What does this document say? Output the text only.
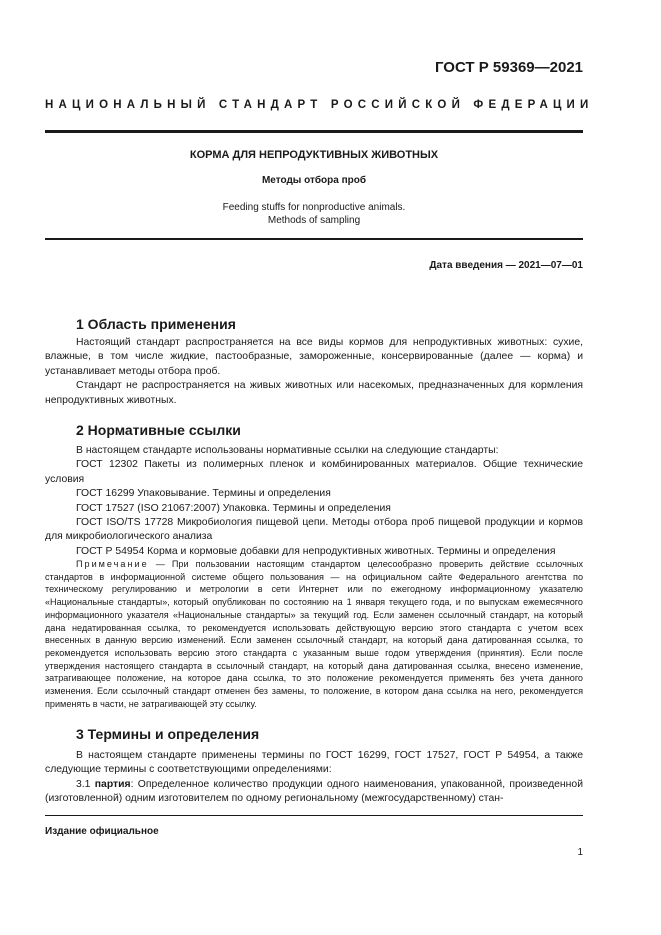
ГОСТ Р 59369—2021
НАЦИОНАЛЬНЫЙ СТАНДАРТ РОССИЙСКОЙ ФЕДЕРАЦИИ
КОРМА ДЛЯ НЕПРОДУКТИВНЫХ ЖИВОТНЫХ
Методы отбора проб
Feeding stuffs for nonproductive animals.
Methods of sampling
Дата введения — 2021—07—01
1 Область применения

Настоящий стандарт распространяется на все виды кормов для непродуктивных животных: сухие, влажные, в том числе жидкие, пастообразные, замороженные, консервированные (далее — корма) и устанавливает методы отбора проб.

Стандарт не распространяется на живых животных или насекомых, предназначенных для кормления непродуктивных животных.

2 Нормативные ссылки

В настоящем стандарте использованы нормативные ссылки на следующие стандарты:

ГОСТ 12302 Пакеты из полимерных пленок и комбинированных материалов. Общие технические условия

ГОСТ 16299 Упаковывание. Термины и определения

ГОСТ 17527 (ISO 21067:2007) Упаковка. Термины и определения

ГОСТ ISO/TS 17728 Микробиология пищевой цепи. Методы отбора проб пищевой продукции и кормов для микробиологического анализа

ГОСТ Р 54954 Корма и кормовые добавки для непродуктивных животных. Термины и определения

Примечание — При пользовании настоящим стандартом целесообразно проверить действие ссылочных стандартов в информационной системе общего пользования — на официальном сайте Федерального агентства по техническому регулированию и метрологии в сети Интернет или по ежегодному информационному указателю «Национальные стандарты», который опубликован по состоянию на 1 января текущего года, и по выпускам ежемесячного информационного указателя «Национальные стандарты» за текущий год. Если заменен ссылочный стандарт, на который дана недатированная ссылка, то рекомендуется использовать действующую версию этого стандарта с учетом всех внесенных в данную версию изменений. Если заменен ссылочный стандарт, на который дана датированная ссылка, то рекомендуется использовать версию этого стандарта с указанным выше годом утверждения (принятия). Если после утверждения настоящего стандарта в ссылочный стандарт, на который дана датированная ссылка, внесено изменение, затрагивающее положение, на которое дана ссылка, то это положение рекомендуется применять без учета данного изменения. Если ссылочный стандарт отменен без замены, то положение, в котором дана ссылка на него, рекомендуется применять в части, не затрагивающей эту ссылку.

3 Термины и определения

В настоящем стандарте применены термины по ГОСТ 16299, ГОСТ 17527, ГОСТ Р 54954, а также следующие термины с соответствующими определениями:

3.1 партия: Определенное количество продукции одного наименования, упакованной, произведенной (изготовленной) одним изготовителем по одному региональному (межгосударственному) стан-

Издание официальное
1
